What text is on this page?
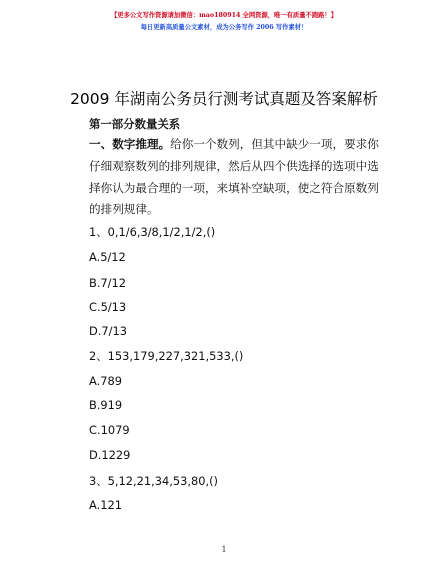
【更多公文写作资源请加微信：mao180914 全网资源，唯一有质量不跑路！】
每日更新高质量公文素材，成为公务写作 2006 写作素材！
2009 年湖南公务员行测考试真题及答案解析
第一部分数量关系
一、数字推理。给你一个数列，但其中缺少一项，要求你仔细观察数列的排列规律，然后从四个供选择的选项中选择你认为最合理的一项，来填补空缺项，使之符合原数列的排列规律。
1、0,1/6,3/8,1/2,1/2,()
A.5/12
B.7/12
C.5/13
D.7/13
2、153,179,227,321,533,()
A.789
B.919
C.1079
D.1229
3、5,12,21,34,53,80,()
A.121
1
